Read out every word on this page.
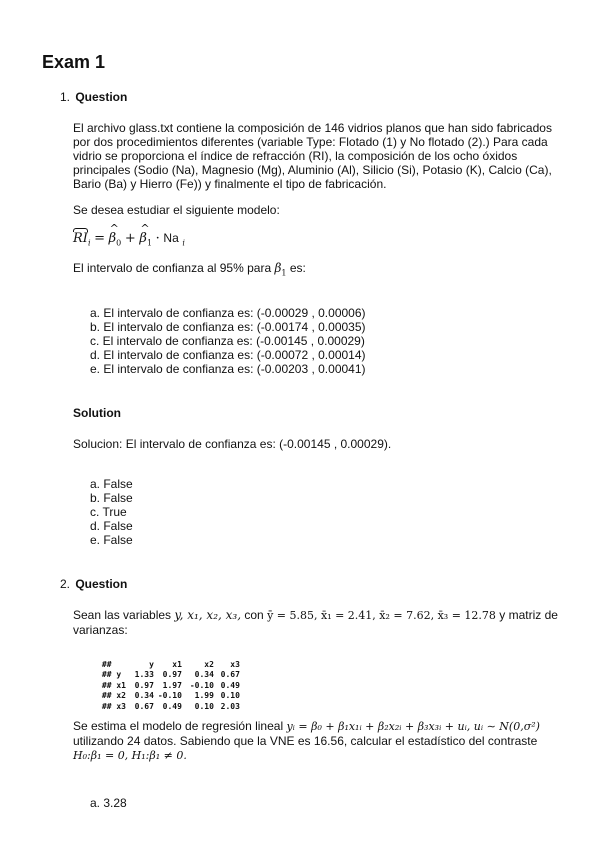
Exam 1
1. Question

El archivo glass.txt contiene la composición de 146 vidrios planos que han sido fabricados por dos procedimientos diferentes (variable Type: Flotado (1) y No flotado (2).) Para cada vidrio se proporciona el índice de refracción (RI), la composición de los ocho óxidos principales (Sodio (Na), Magnesio (Mg), Aluminio (Al), Silicio (Si), Potasio (K), Calcio (Ca), Bario (Ba) y Hierro (Fe)) y finalmente el tipo de fabricación.

Se desea estudiar el siguiente modelo:

$RI_i$ = ^ $\beta_0$ + ^ $\beta_1 \cdot Na$ $_i$

El intervalo de confianza al 95% para $\beta_1$ es:

a. El intervalo de confianza es: (-0.00029 , 0.00006)
b. El intervalo de confianza es: (-0.00174 , 0.00035)
c. El intervalo de confianza es: (-0.00145 , 0.00029)
d. El intervalo de confianza es: (-0.00072 , 0.00014)
e. El intervalo de confianza es: (-0.00203 , 0.00041)
Solution

Solucion: El intervalo de confianza es: (-0.00145 , 0.00029).

a. False
b. False
c. True
d. False
e. False
2. Question

Sean las variables y, x₁, x₂, x₃, con ȳ = 5.85, x̄₁ = 2.41, x̄₂ = 7.62, x̄₃ = 12.78 y matriz de varianzas:

##	y x1	x2 x3

## y 1.33 0.97 0.34 0.67

## x1 0.97 1.97 -0.10 0.49

## x2 0.34 -0.10 1.99 0.10

## x3 0.67 0.49 0.10 2.03

Se estima el modelo de regresión lineal yᵢ = β₀ + β₁x₁ᵢ + β₂x₂ᵢ + β₃x₃ᵢ + uᵢ, uᵢ ∼ N(0,σ²) utilizando 24 datos. Sabiendo que la VNE es 16.56, calcular el estadístico del contraste H₀:β₁ = 0, H₁:β₁ ≠ 0.

a. 3.28
